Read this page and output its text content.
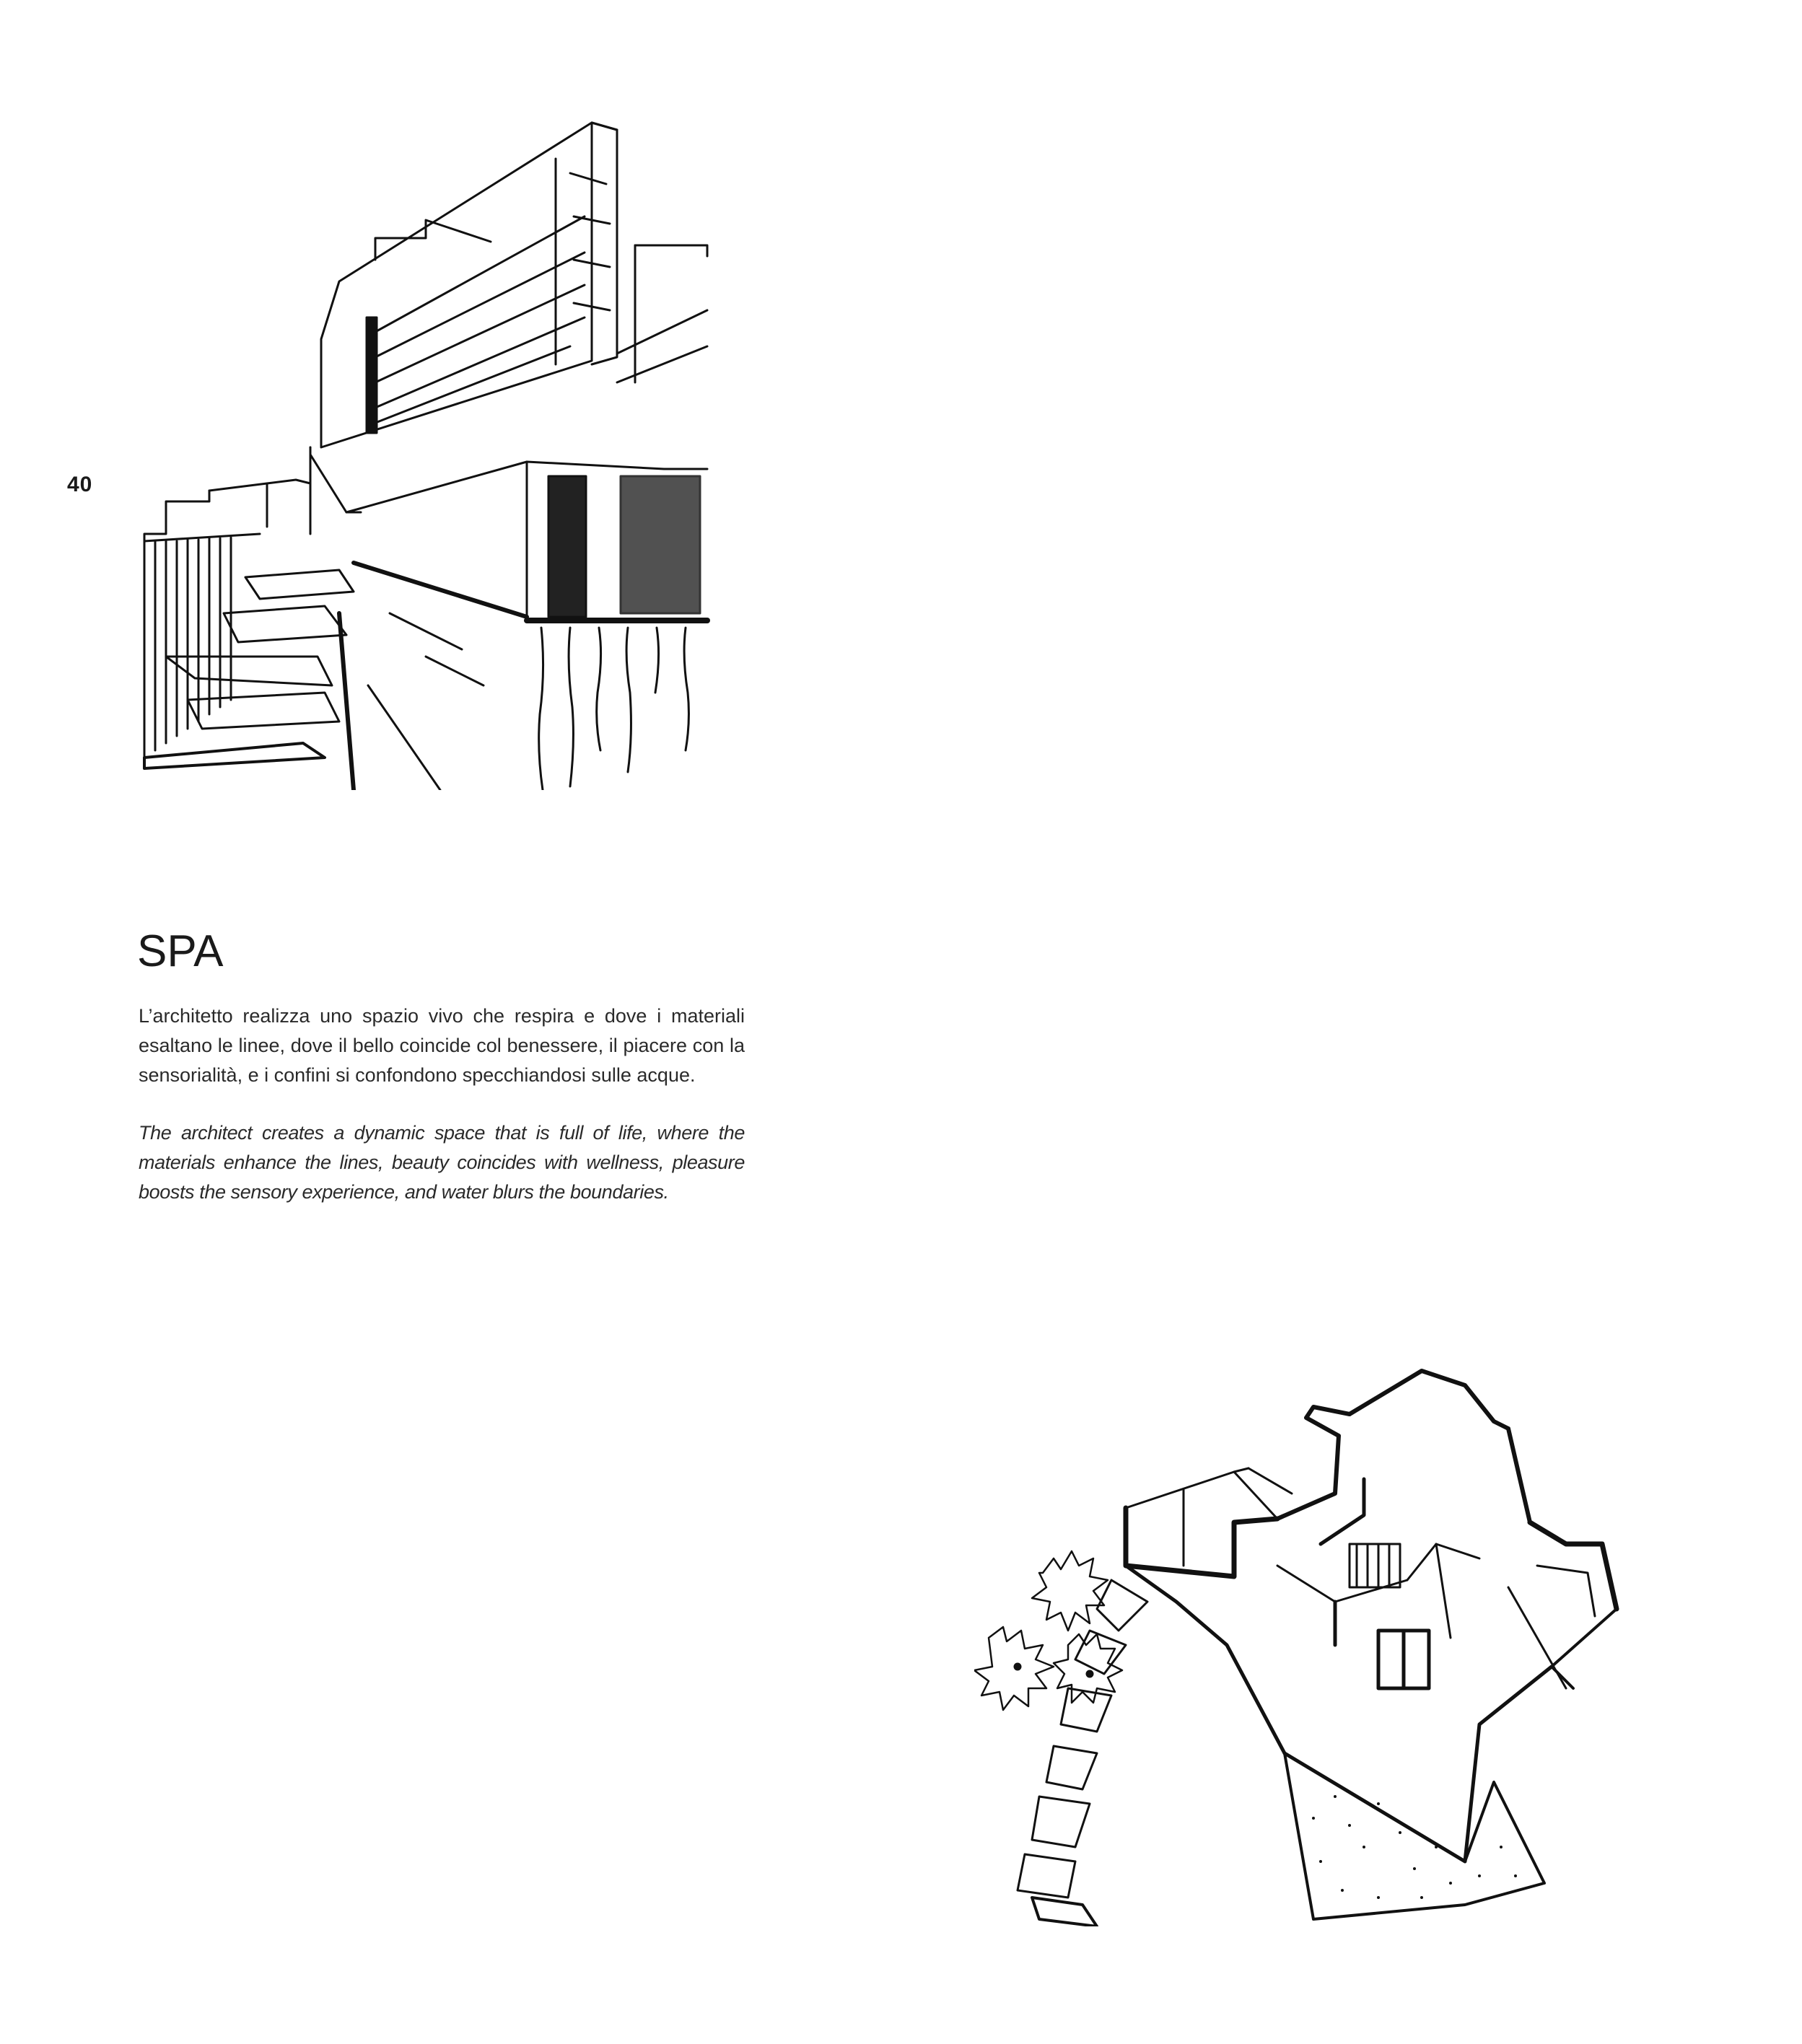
40
SPA

L’architetto realizza uno spazio vivo che respira e dove i materiali esaltano le linee, dove il bello coincide col benessere, il piacere con la sensorialità, e i confini si confondono specchiandosi sulle acque.

The architect creates a dynamic space that is full of life, where the materials enhance the lines, beauty coincides with wellness, pleasure boosts the sensory experience, and water blurs the boundaries.
